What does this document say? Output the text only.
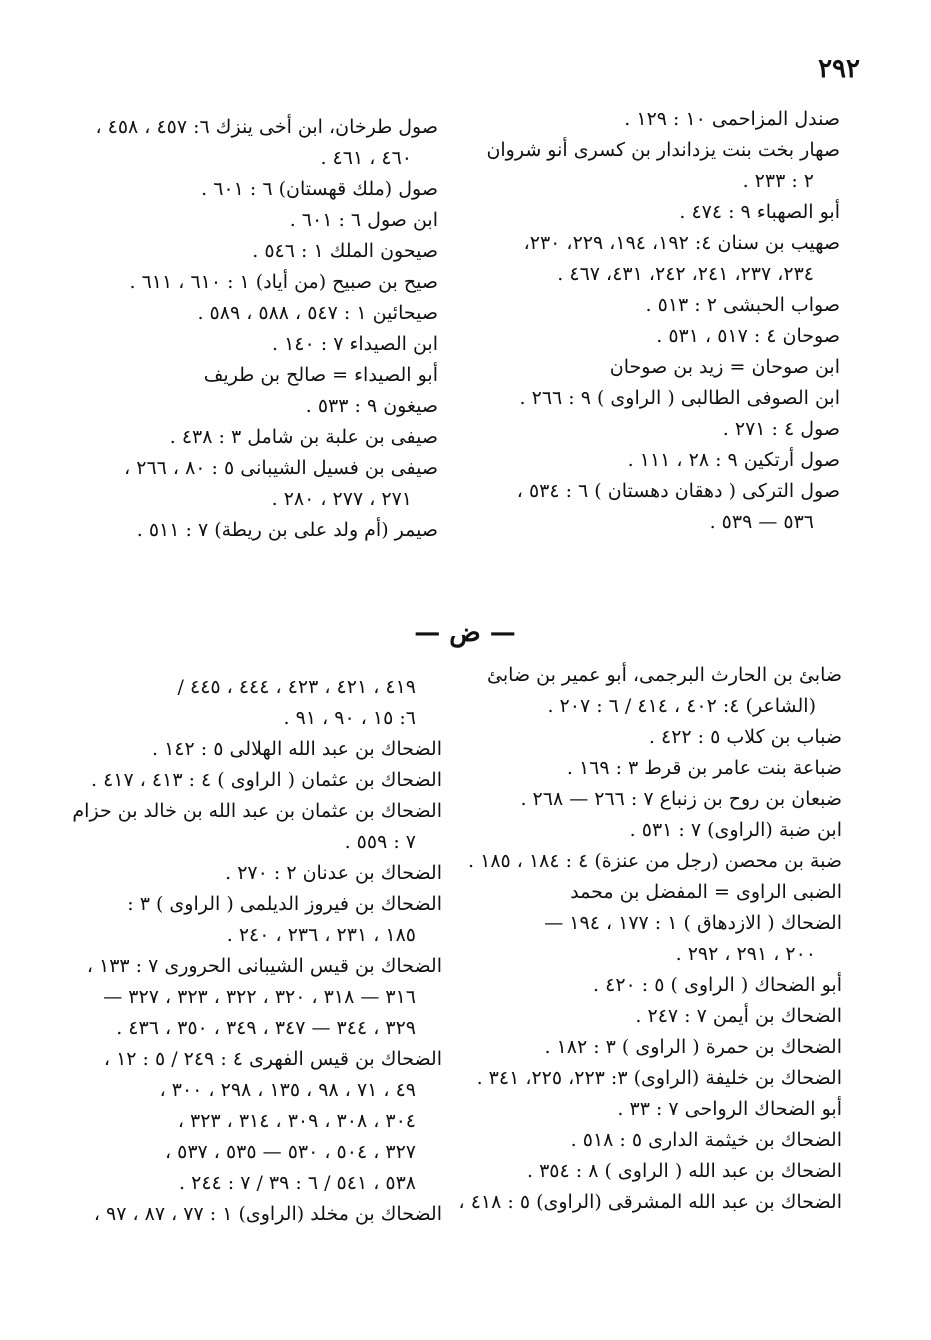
٢٩٢
صندل المزاحمى ١٠ : ١٢٩ .
صهار بخت بنت يزداندار بن كسرى أنو شروان
٢ : ٢٣٣ .
أبو الصهباء ٩ : ٤٧٤ .
صهيب بن سنان ٤: ١٩٢، ١٩٤، ٢٢٩، ٢٣٠،
٢٣٤، ٢٣٧، ٢٤١، ٢٤٢، ٤٣١، ٤٦٧ .
صواب الحبشى ٢ : ٥١٣ .
صوحان ٤ : ٥١٧ ، ٥٣١ .
ابن صوحان = زيد بن صوحان
ابن الصوفى الطالبى ( الراوى ) ٩ : ٢٦٦ .
صول ٤ : ٢٧١ .
صول أرتكين ٩ : ٢٨ ، ١١١ .
صول التركى ( دهقان دهستان ) ٦ : ٥٣٤ ،
٥٣٦ — ٥٣٩ .
صول طرخان، ابن أخى ينزك ٦: ٤٥٧ ، ٤٥٨ ،
٤٦٠ ، ٤٦١ .
صول (ملك قهستان) ٦ : ٦٠١ .
ابن صول ٦ : ٦٠١ .
صيحون الملك ١ : ٥٤٦ .
صيح بن صبيح (من أياد) ١ : ٦١٠ ، ٦١١ .
صيحائين ١ : ٥٤٧ ، ٥٨٨ ، ٥٨٩ .
ابن الصيداء ٧ : ١٤٠ .
أبو الصيداء = صالح بن طريف
صيغون ٩ : ٥٣٣ .
صيفى بن علبة بن شامل ٣ : ٤٣٨ .
صيفى بن فسيل الشيبانى ٥ : ٨٠ ، ٢٦٦ ،
٢٧١ ، ٢٧٧ ، ٢٨٠ .
صيمر (أم ولد على بن ريطة) ٧ : ٥١١ .
— ض —
ضابئ بن الحارث البرجمى، أبو عمير بن ضابئ
(الشاعر) ٤: ٤٠٢ ، ٤١٤ / ٦ : ٢٠٧ .
ضباب بن كلاب ٥ : ٤٢٢ .
ضباعة بنت عامر بن قرط ٣ : ١٦٩ .
ضبعان بن روح بن زنباع ٧ : ٢٦٦ — ٢٦٨ .
ابن ضبة (الراوى) ٧ : ٥٣١ .
ضبة بن محصن (رجل من عنزة) ٤ : ١٨٤ ، ١٨٥ .
الضبى الراوى = المفضل بن محمد
الضحاك ( الازدهاق ) ١ : ١٧٧ ، ١٩٤ —
٢٠٠ ، ٢٩١ ، ٢٩٢ .
أبو الضحاك ( الراوى ) ٥ : ٤٢٠ .
الضحاك بن أيمن ٧ : ٢٤٧ .
الضحاك بن حمرة ( الراوى ) ٣ : ١٨٢ .
الضحاك بن خليفة (الراوى) ٣: ٢٢٣، ٢٢٥، ٣٤١ .
أبو الضحاك الرواحى ٧ : ٣٣ .
الضحاك بن خيثمة الدارى ٥ : ٥١٨ .
الضحاك بن عبد الله ( الراوى ) ٨ : ٣٥٤ .
الضحاك بن عبد الله المشرقى (الراوى) ٥ : ٤١٨ ،
٤١٩ ، ٤٢١ ، ٤٢٣ ، ٤٤٤ ، ٤٤٥ /
٦: ١٥ ، ٩٠ ، ٩١ .
الضحاك بن عبد الله الهلالى ٥ : ١٤٢ .
الضحاك بن عثمان ( الراوى ) ٤ : ٤١٣ ، ٤١٧ .
الضحاك بن عثمان بن عبد الله بن خالد بن حزام
٧ : ٥٥٩ .
الضحاك بن عدنان ٢ : ٢٧٠ .
الضحاك بن فيروز الديلمى ( الراوى ) ٣ :
١٨٥ ، ٢٣١ ، ٢٣٦ ، ٢٤٠ .
الضحاك بن قيس الشيبانى الحرورى ٧ : ١٣٣ ،
٣١٦ — ٣١٨ ، ٣٢٠ ، ٣٢٢ ، ٣٢٣ ، ٣٢٧ —
٣٢٩ ، ٣٤٤ — ٣٤٧ ، ٣٤٩ ، ٣٥٠ ، ٤٣٦ .
الضحاك بن قيس الفهرى ٤ : ٢٤٩ / ٥ : ١٢ ،
٤٩ ، ٧١ ، ٩٨ ، ١٣٥ ، ٢٩٨ ، ٣٠٠ ،
٣٠٤ ، ٣٠٨ ، ٣٠٩ ، ٣١٤ ، ٣٢٣ ،
٣٢٧ ، ٥٠٤ ، ٥٣٠ — ٥٣٥ ، ٥٣٧ ،
٥٣٨ ، ٥٤١ / ٦ : ٣٩ / ٧ : ٢٤٤ .
الضحاك بن مخلد (الراوى) ١ : ٧٧ ، ٨٧ ، ٩٧ ،
